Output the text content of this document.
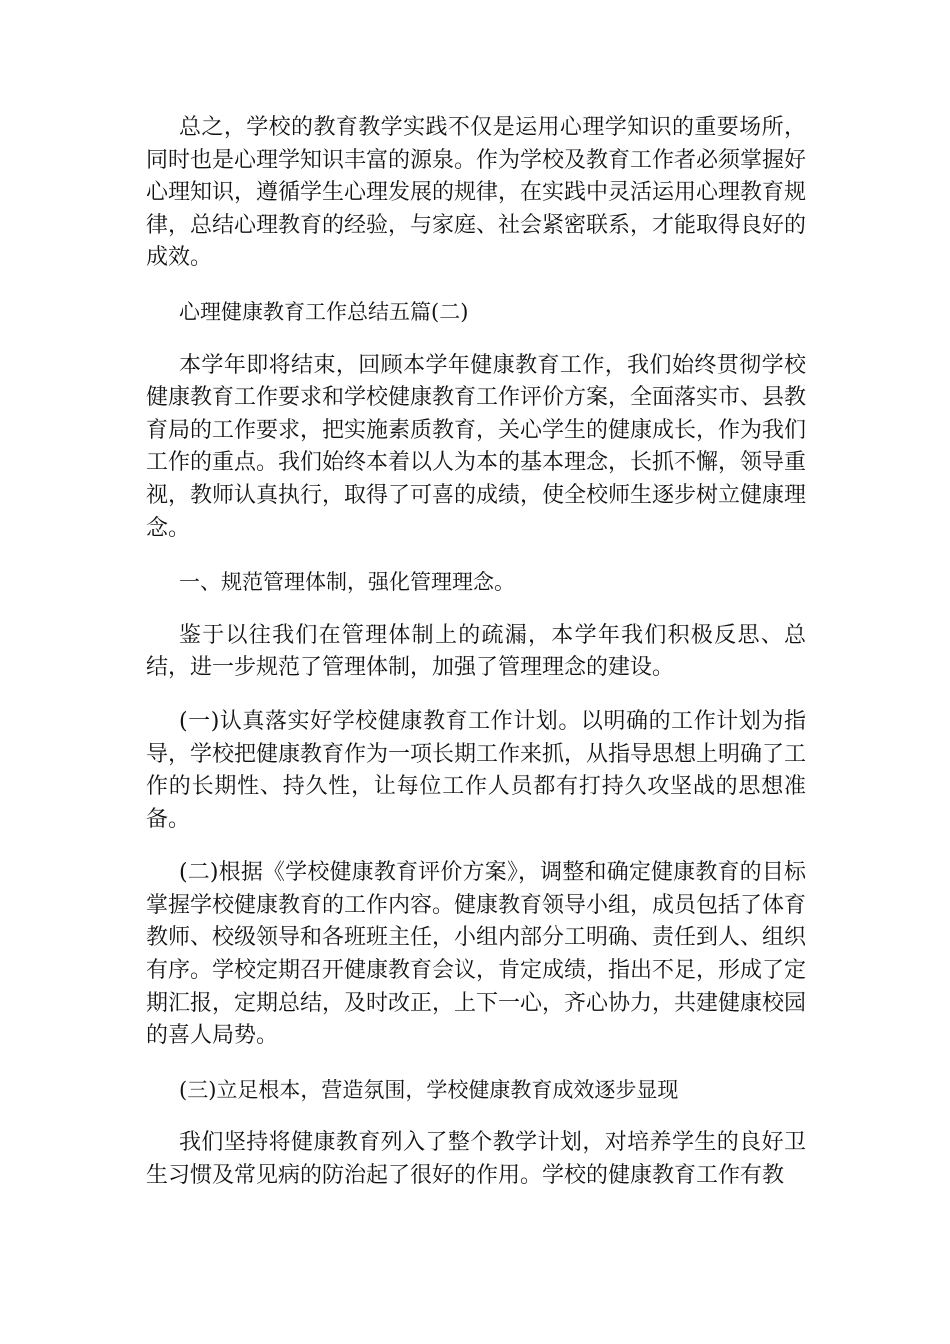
总之，学校的教育教学实践不仅是运用心理学知识的重要场所，同时也是心理学知识丰富的源泉。作为学校及教育工作者必须掌握好心理知识，遵循学生心理发展的规律，在实践中灵活运用心理教育规律，总结心理教育的经验，与家庭、社会紧密联系，才能取得良好的成效。

心理健康教育工作总结五篇(二)

本学年即将结束，回顾本学年健康教育工作，我们始终贯彻学校健康教育工作要求和学校健康教育工作评价方案，全面落实市、县教育局的工作要求，把实施素质教育，关心学生的健康成长，作为我们工作的重点。我们始终本着以人为本的基本理念，长抓不懈，领导重视，教师认真执行，取得了可喜的成绩，使全校师生逐步树立健康理念。

一、规范管理体制，强化管理理念。

鉴于以往我们在管理体制上的疏漏，本学年我们积极反思、总结，进一步规范了管理体制，加强了管理理念的建设。

(一)认真落实好学校健康教育工作计划。以明确的工作计划为指导，学校把健康教育作为一项长期工作来抓，从指导思想上明确了工作的长期性、持久性，让每位工作人员都有打持久攻坚战的思想准备。

(二)根据《学校健康教育评价方案》，调整和确定健康教育的目标掌握学校健康教育的工作内容。健康教育领导小组，成员包括了体育教师、校级领导和各班班主任，小组内部分工明确、责任到人、组织有序。学校定期召开健康教育会议，肯定成绩，指出不足，形成了定期汇报，定期总结，及时改正，上下一心，齐心协力，共建健康校园的喜人局势。

(三)立足根本，营造氛围，学校健康教育成效逐步显现

我们坚持将健康教育列入了整个教学计划，对培养学生的良好卫生习惯及常见病的防治起了很好的作用。学校的健康教育工作有教
